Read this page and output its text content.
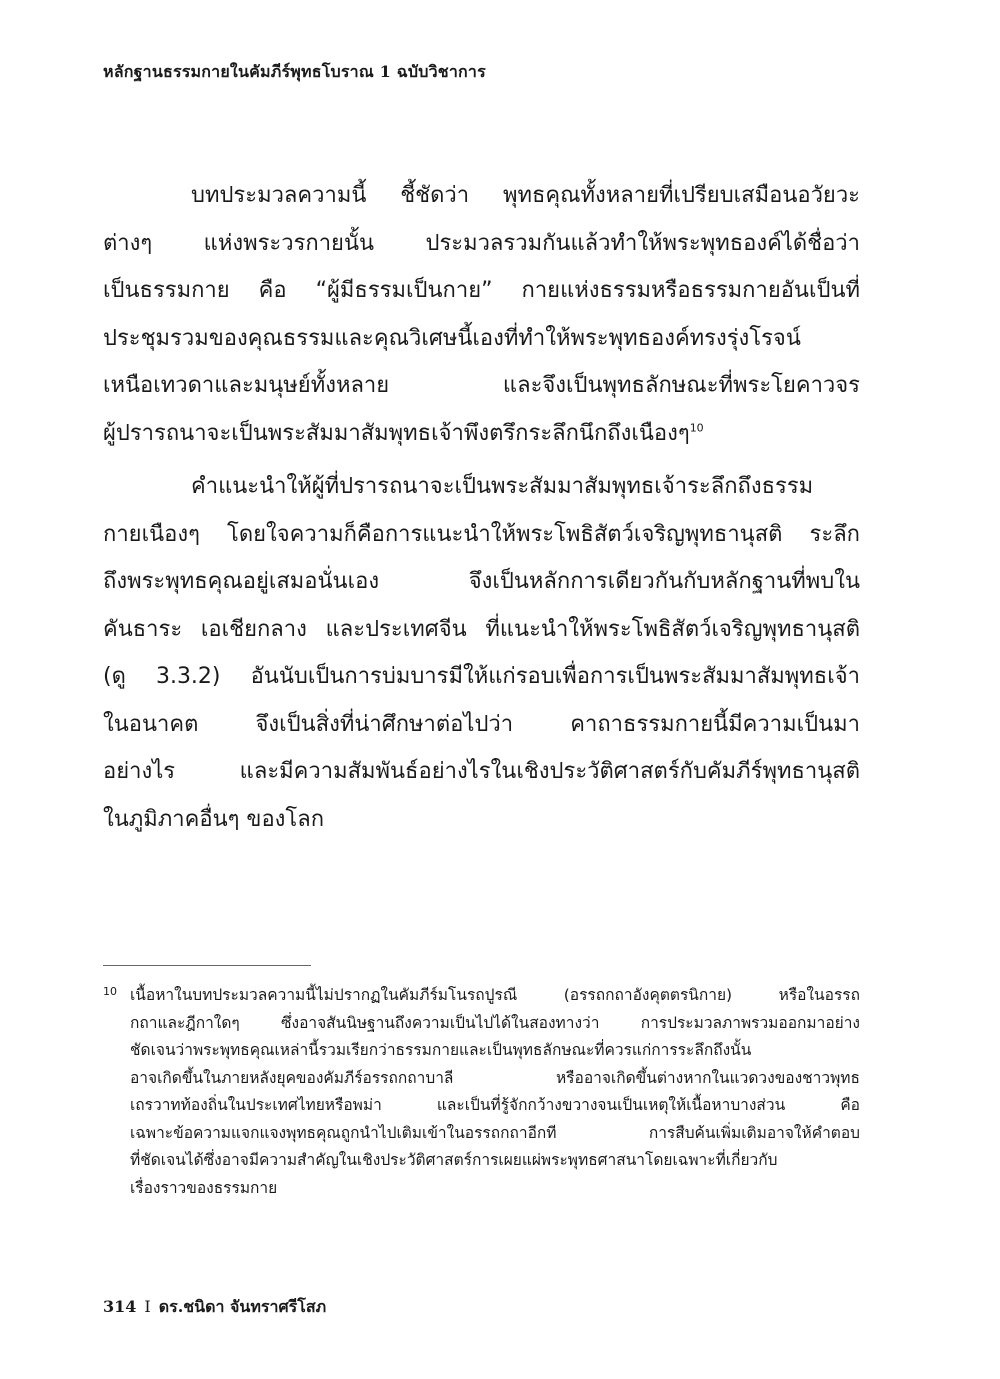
หลักฐานธรรมกายในคัมภีร์พุทธโบราณ 1 ฉบับวิชาการ

บทประมวลความนี้ ชี้ชัดว่า พุทธคุณทั้งหลายที่เปรียบเสมือนอวัยวะ
ต่างๆ แห่งพระวรกายนั้น ประมวลรวมกันแล้วทำให้พระพุทธองค์ได้ชื่อว่า
เป็นธรรมกาย คือ “ผู้มีธรรมเป็นกาย” กายแห่งธรรมหรือธรรมกายอันเป็นที่
ประชุมรวมของคุณธรรมและคุณวิเศษนี้เองที่ทำให้พระพุทธองค์ทรงรุ่งโรจน์
เหนือเทวดาและมนุษย์ทั้งหลาย และจึงเป็นพุทธลักษณะที่พระโยคาวจร
ผู้ปรารถนาจะเป็นพระสัมมาสัมพุทธเจ้าพึงตรึกระลึกนึกถึงเนืองๆ$^{10}$

คำแนะนำให้ผู้ที่ปรารถนาจะเป็นพระสัมมาสัมพุทธเจ้าระลึกถึงธรรม
กายเนืองๆ โดยใจความก็คือการแนะนำให้พระโพธิสัตว์เจริญพุทธานุสติ ระลึก
ถึงพระพุทธคุณอยู่เสมอนั่นเอง จึงเป็นหลักการเดียวกันกับหลักฐานที่พบใน
คันธาระ เอเชียกลาง และประเทศจีน ที่แนะนำให้พระโพธิสัตว์เจริญพุทธานุสติ
(ดู 3.3.2) อันนับเป็นการบ่มบารมีให้แก่รอบเพื่อการเป็นพระสัมมาสัมพุทธเจ้า
ในอนาคต จึงเป็นสิ่งที่น่าศึกษาต่อไปว่า คาถาธรรมกายนี้มีความเป็นมา
อย่างไร และมีความสัมพันธ์อย่างไรในเชิงประวัติศาสตร์กับคัมภีร์พุทธานุสติ
ในภูมิภาคอื่นๆ ของโลก

10 เนื้อหาในบทประมวลความนี้ไม่ปรากฏในคัมภีร์มโนรถปูรณี (อรรถกถาอังคุตตรนิกาย) หรือในอรรถ
กถาและฎีกาใดๆ ซึ่งอาจสันนิษฐานถึงความเป็นไปได้ในสองทางว่า การประมวลภาพรวมออกมาอย่าง
ชัดเจนว่าพระพุทธคุณเหล่านี้รวมเรียกว่าธรรมกายและเป็นพุทธลักษณะที่ควรแก่การระลึกถึงนั้น
อาจเกิดขึ้นในภายหลังยุคของคัมภีร์อรรถกถาบาลี หรืออาจเกิดขึ้นต่างหากในแวดวงของชาวพุทธ
เถรวาทท้องถิ่นในประเทศไทยหรือพม่า และเป็นที่รู้จักกว้างขวางจนเป็นเหตุให้เนื้อหาบางส่วน คือ
เฉพาะข้อความแจกแจงพุทธคุณถูกนำไปเติมเข้าในอรรถกถาอีกที การสืบค้นเพิ่มเติมอาจให้คำตอบ
ที่ชัดเจนได้ซึ่งอาจมีความสำคัญในเชิงประวัติศาสตร์การเผยแผ่พระพุทธศาสนาโดยเฉพาะที่เกี่ยวกับ
เรื่องราวของธรรมกาย
314 I ดร.ชนิดา จันทราศรีโสภ
